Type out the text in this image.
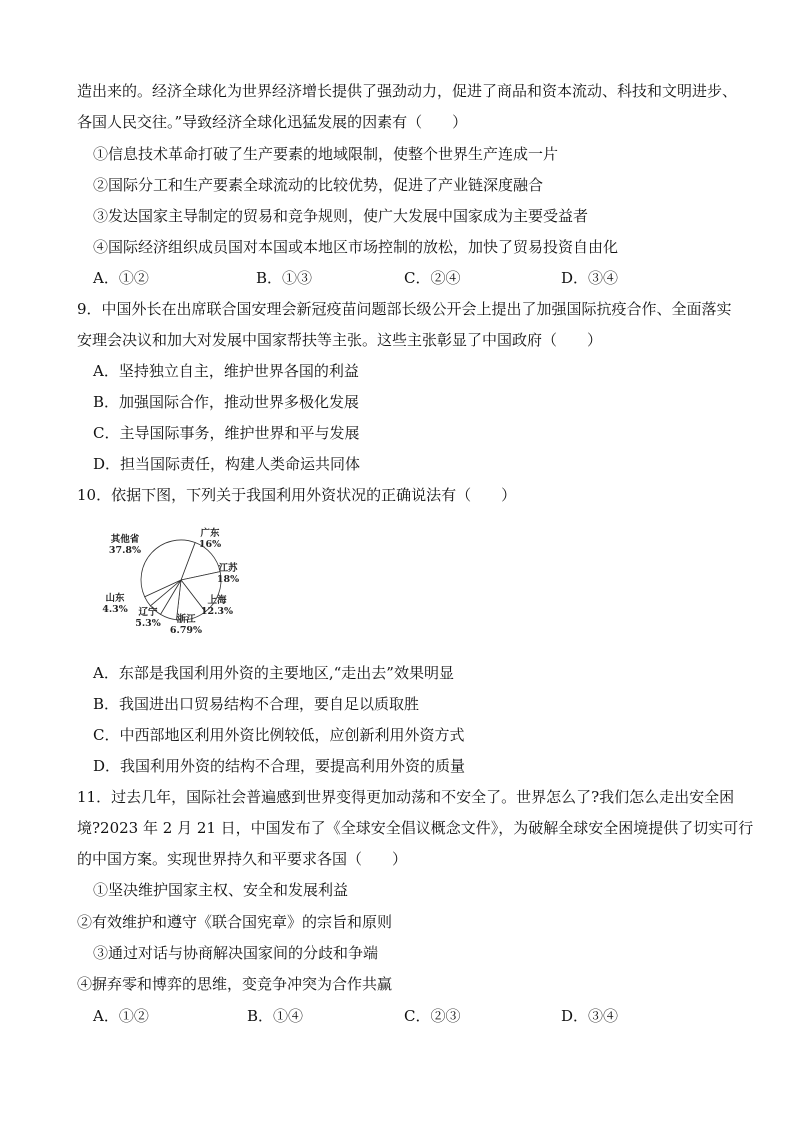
造出来的。经济全球化为世界经济增长提供了强劲动力，促进了商品和资本流动、科技和文明进步、
各国人民交往。”导致经济全球化迅猛发展的因素有（　　）
①信息技术革命打破了生产要素的地域限制，使整个世界生产连成一片
②国际分工和生产要素全球流动的比较优势，促进了产业链深度融合
③发达国家主导制定的贸易和竞争规则，使广大发展中国家成为主要受益者
④国际经济组织成员国对本国或本地区市场控制的放松，加快了贸易投资自由化
A．①②	B．①③	C．②④	D．③④
9．中国外长在出席联合国安理会新冠疫苗问题部长级公开会上提出了加强国际抗疫合作、全面落实
安理会决议和加大对发展中国家帮扶等主张。这些主张彰显了中国政府（　　）
A．坚持独立自主，维护世界各国的利益
B．加强国际合作，推动世界多极化发展
C．主导国际事务，维护世界和平与发展
D．担当国际责任，构建人类命运共同体
10．依据下图，下列关于我国利用外资状况的正确说法有（　　）
广东
16%
江苏
18%
上海
12.3%
浙江
6.79%
辽宁
5.3%
山东
4.3%
其他省
37.8%
A．东部是我国利用外资的主要地区,“走出去”效果明显
B．我国进出口贸易结构不合理，要自足以质取胜
C．中西部地区利用外资比例较低，应创新利用外资方式
D．我国利用外资的结构不合理，要提高利用外资的质量
11．过去几年，国际社会普遍感到世界变得更加动荡和不安全了。世界怎么了?我们怎么走出安全困
境?2023 年 2 月 21 日，中国发布了《全球安全倡议概念文件》，为破解全球安全困境提供了切实可行
的中国方案。实现世界持久和平要求各国（　　）
①坚决维护国家主权、安全和发展利益
②有效维护和遵守《联合国宪章》的宗旨和原则
③通过对话与协商解决国家间的分歧和争端
④摒弃零和博弈的思维，变竞争冲突为合作共赢
A．①②	B．①④	C．②③	D．③④
